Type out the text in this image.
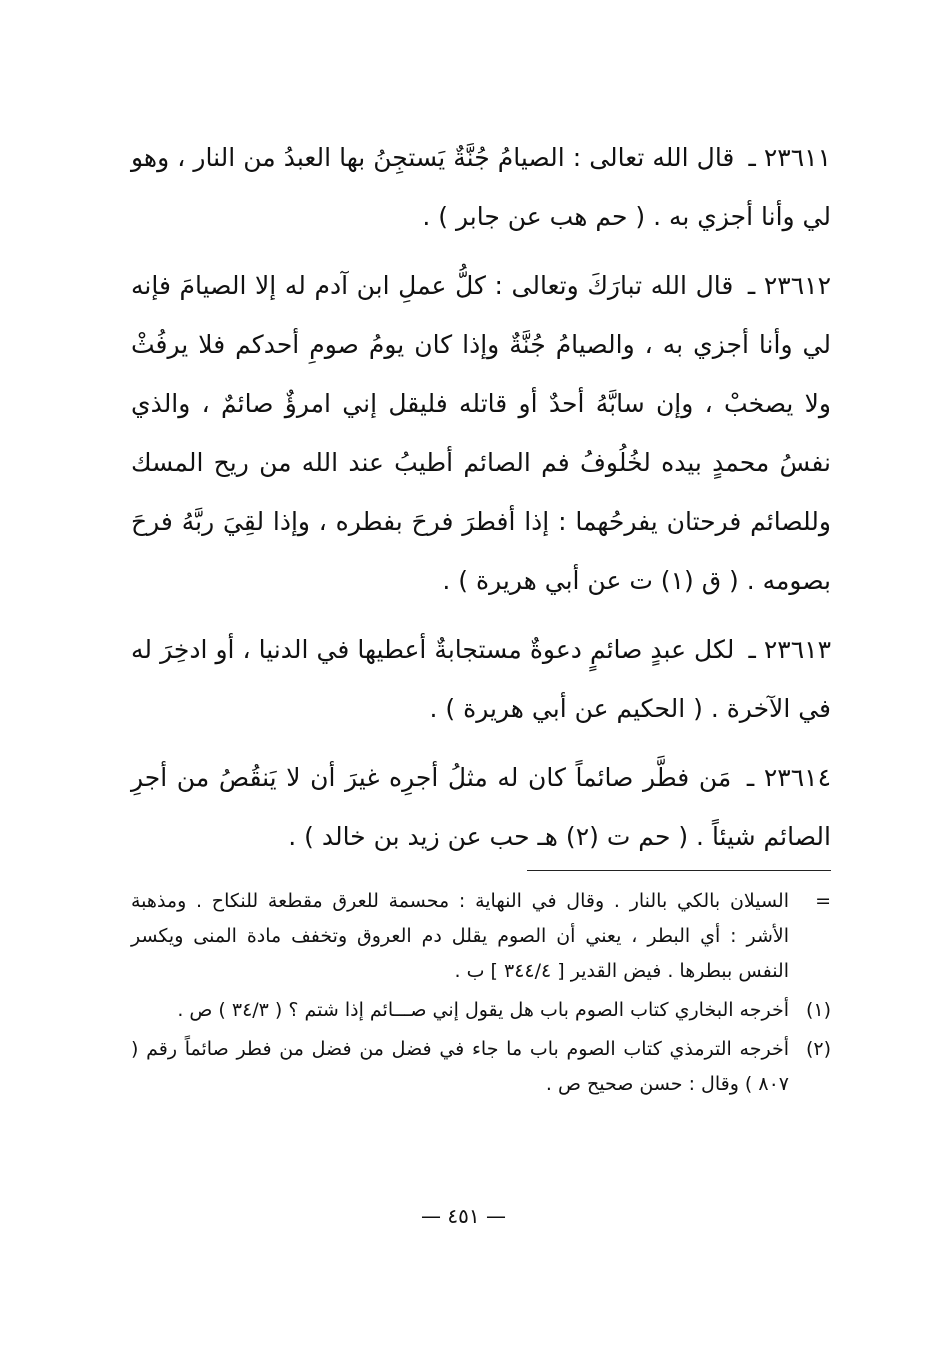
٢٣٦١١ ـ قال الله تعالى : الصيامُ جُنَّةٌ يَستجِنُ بها العبدُ من النار ، وهو لي وأنا أجزي به . ( حم هب عن جابر ) .

٢٣٦١٢ ـ قال الله تبارَكَ وتعالى : كلُّ عملِ ابن آدم له إلا الصيامَ فإنه لي وأنا أجزي به ، والصيامُ جُنَّةٌ وإذا كان يومُ صومِ أحدكم فلا يرفُثْ ولا يصخبْ ، وإن سابَّهُ أحدٌ أو قاتله فليقل إني امرؤٌ صائمٌ ، والذي نفسُ محمدٍ بيده لخُلُوفُ فم الصائم أطيبُ عند الله من ريح المسك وللصائم فرحتان يفرحُهما : إذا أفطرَ فرحَ بفطره ، وإذا لقِيَ ربَّهُ فرحَ بصومه . ( ق (١) ت عن أبي هريرة ) .

٢٣٦١٣ ـ لكل عبدٍ صائمٍ دعوةٌ مستجابةٌ أعطيها في الدنيا ، أو ادخِرَ له في الآخرة . ( الحكيم عن أبي هريرة ) .

٢٣٦١٤ ـ مَن فطَّر صائماً كان له مثلُ أجرِه غيرَ أن لا يَنقُصُ من أجرِ الصائم شيئاً . ( حم ت (٢) هـ حب عن زيد بن خالد ) .

=
السيلان بالكي بالنار . وقال في النهاية : محسمة للعرق مقطعة للنكاح . ومذهبة الأشر : أي البطر ، يعني أن الصوم يقلل دم العروق وتخفف مادة المنى ويكسر النفس ببطرها . فيض القدير [ ٣٤٤/٤ ] ب .
(١)
أخرجه البخاري كتاب الصوم باب هل يقول إني صـــائم إذا شتم ؟ ( ٣٤/٣ ) ص .
(٢)
أخرجه الترمذي كتاب الصوم باب ما جاء في فضل من فضل من فطر صائماً رقم ( ٨٠٧ ) وقال : حسن صحيح ص .
— ٤٥١ —
